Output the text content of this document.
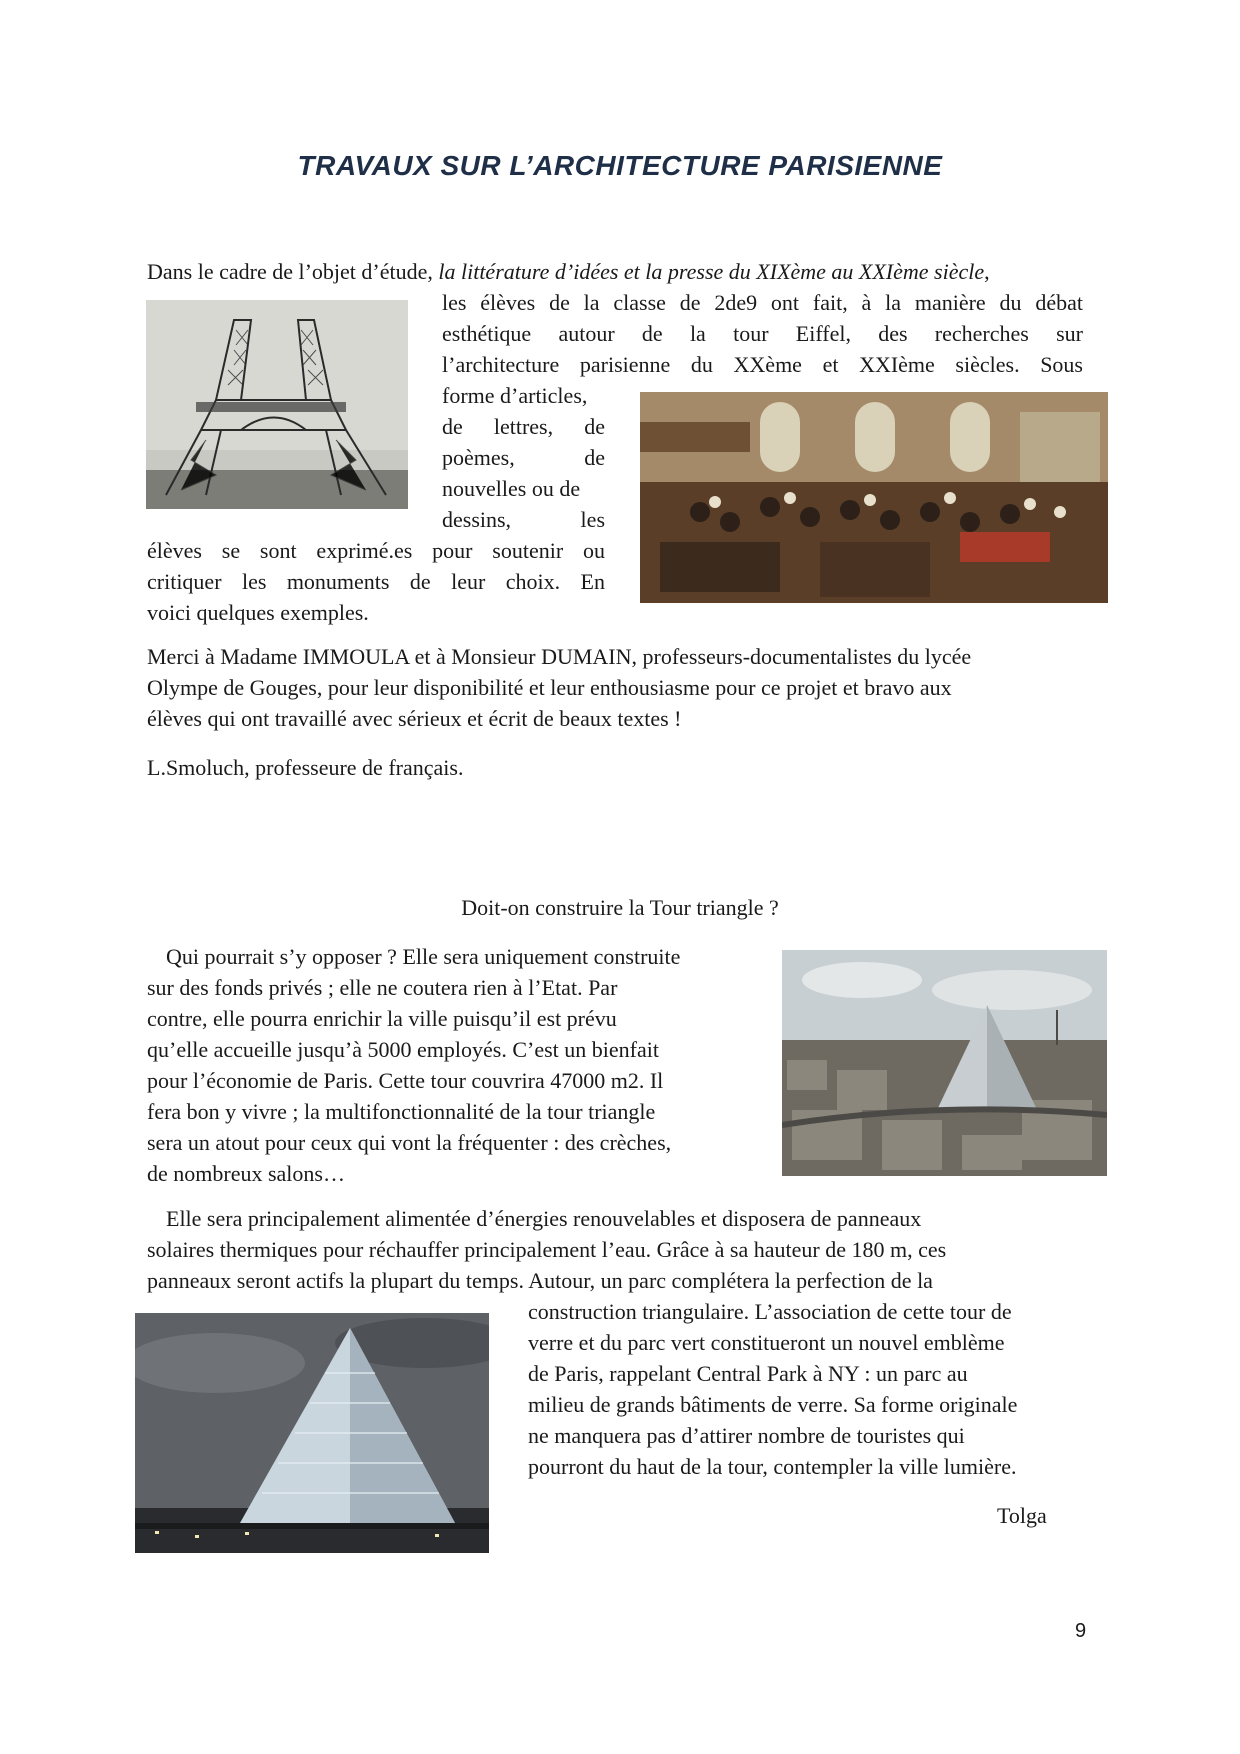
TRAVAUX SUR L’ARCHITECTURE PARISIENNE
Dans le cadre de l’objet d’étude, la littérature d’idées et la presse du XIXème au XXIème siècle,
les élèves de la classe de 2de9 ont fait, à la manière du débat
esthétique autour de la tour Eiffel, des recherches sur
l’architecture parisienne du XXème et XXIème siècles. Sous
forme d’articles,
de lettres, de
poèmes, de
nouvelles ou de
dessins, les
élèves se sont exprimé.es pour soutenir ou
critiquer les monuments de leur choix. En
voici quelques exemples.
Merci à Madame IMMOULA et à Monsieur DUMAIN, professeurs-documentalistes du lycée
Olympe de Gouges, pour leur disponibilité et leur enthousiasme pour ce projet et bravo aux
élèves qui ont travaillé avec sérieux et écrit de beaux textes !
L.Smoluch, professeure de français.
Doit-on construire la Tour triangle ?
Qui pourrait s’y opposer ? Elle sera uniquement construite
sur des fonds privés ; elle ne coutera rien à l’Etat. Par
contre, elle pourra enrichir la ville puisqu’il est prévu
qu’elle accueille jusqu’à 5000 employés. C’est un bienfait
pour l’économie de Paris. Cette tour couvrira 47000 m2. Il
fera bon y vivre ; la multifonctionnalité de la tour triangle
sera un atout pour ceux qui vont la fréquenter : des crèches,
de nombreux salons…
Elle sera principalement alimentée d’énergies renouvelables et disposera de panneaux
solaires thermiques pour réchauffer principalement l’eau. Grâce à sa hauteur de 180 m, ces
panneaux seront actifs la plupart du temps. Autour, un parc complétera la perfection de la
construction triangulaire. L’association de cette tour de
verre et du parc vert constitueront un nouvel emblème
de Paris, rappelant Central Park à NY : un parc au
milieu de grands bâtiments de verre. Sa forme originale
ne manquera pas d’attirer nombre de touristes qui
pourront du haut de la tour, contempler la ville lumière.
Tolga
9
